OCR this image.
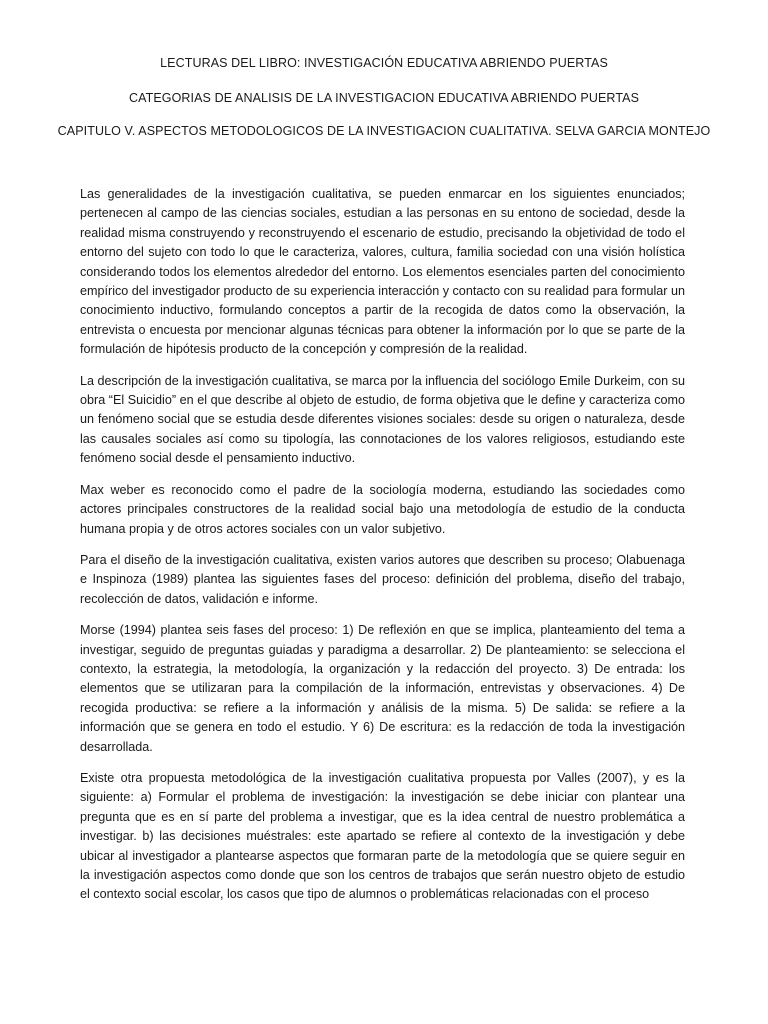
LECTURAS DEL LIBRO: INVESTIGACIÓN EDUCATIVA ABRIENDO PUERTAS
CATEGORIAS DE ANALISIS DE LA INVESTIGACION EDUCATIVA ABRIENDO PUERTAS
CAPITULO V. ASPECTOS METODOLOGICOS DE LA INVESTIGACION CUALITATIVA. SELVA GARCIA MONTEJO

Las generalidades de la investigación cualitativa, se pueden enmarcar en los siguientes enunciados; pertenecen al campo de las ciencias sociales, estudian a las personas en su entono de sociedad, desde la realidad misma construyendo y reconstruyendo el escenario de estudio, precisando la objetividad de todo el entorno del sujeto con todo lo que le caracteriza, valores, cultura, familia sociedad con una visión holística considerando todos los elementos alrededor del entorno. Los elementos esenciales parten del conocimiento empírico del investigador producto de su experiencia interacción y contacto con su realidad para formular un conocimiento inductivo, formulando conceptos a partir de la recogida de datos como la observación, la entrevista o encuesta por mencionar algunas técnicas para obtener la información por lo que se parte de la formulación de hipótesis producto de la concepción y compresión de la realidad.

La descripción de la investigación cualitativa, se marca por la influencia del sociólogo Emile Durkeim, con su obra “El Suicidio” en el que describe al objeto de estudio, de forma objetiva que le define y caracteriza como un fenómeno social que se estudia desde diferentes visiones sociales: desde su origen o naturaleza, desde las causales sociales así como su tipología, las connotaciones de los valores religiosos, estudiando este fenómeno social desde el pensamiento inductivo.

Max weber es reconocido como el padre de la sociología moderna, estudiando las sociedades como actores principales constructores de la realidad social bajo una metodología de estudio de la conducta humana propia y de otros actores sociales con un valor subjetivo.

Para el diseño de la investigación cualitativa, existen varios autores que describen su proceso; Olabuenaga e Inspinoza (1989) plantea las siguientes fases del proceso: definición del problema, diseño del trabajo, recolección de datos, validación e informe.

Morse (1994) plantea seis fases del proceso: 1) De reflexión en que se implica, planteamiento del tema a investigar, seguido de preguntas guiadas y paradigma a desarrollar. 2) De planteamiento: se selecciona el contexto, la estrategia, la metodología, la organización y la redacción del proyecto. 3) De entrada: los elementos que se utilizaran para la compilación de la información, entrevistas y observaciones. 4) De recogida productiva: se refiere a la información y análisis de la misma. 5) De salida: se refiere a la información que se genera en todo el estudio. Y 6) De escritura: es la redacción de toda la investigación desarrollada.

Existe otra propuesta metodológica de la investigación cualitativa propuesta por Valles (2007), y es la siguiente: a) Formular el problema de investigación: la investigación se debe iniciar con plantear una pregunta que es en sí parte del problema a investigar, que es la idea central de nuestro problemática a investigar. b) las decisiones muéstrales: este apartado se refiere al contexto de la investigación y debe ubicar al investigador a plantearse aspectos que formaran parte de la metodología que se quiere seguir en la investigación aspectos como donde que son los centros de trabajos que serán nuestro objeto de estudio el contexto social escolar, los casos que tipo de alumnos o problemáticas relacionadas con el proceso
